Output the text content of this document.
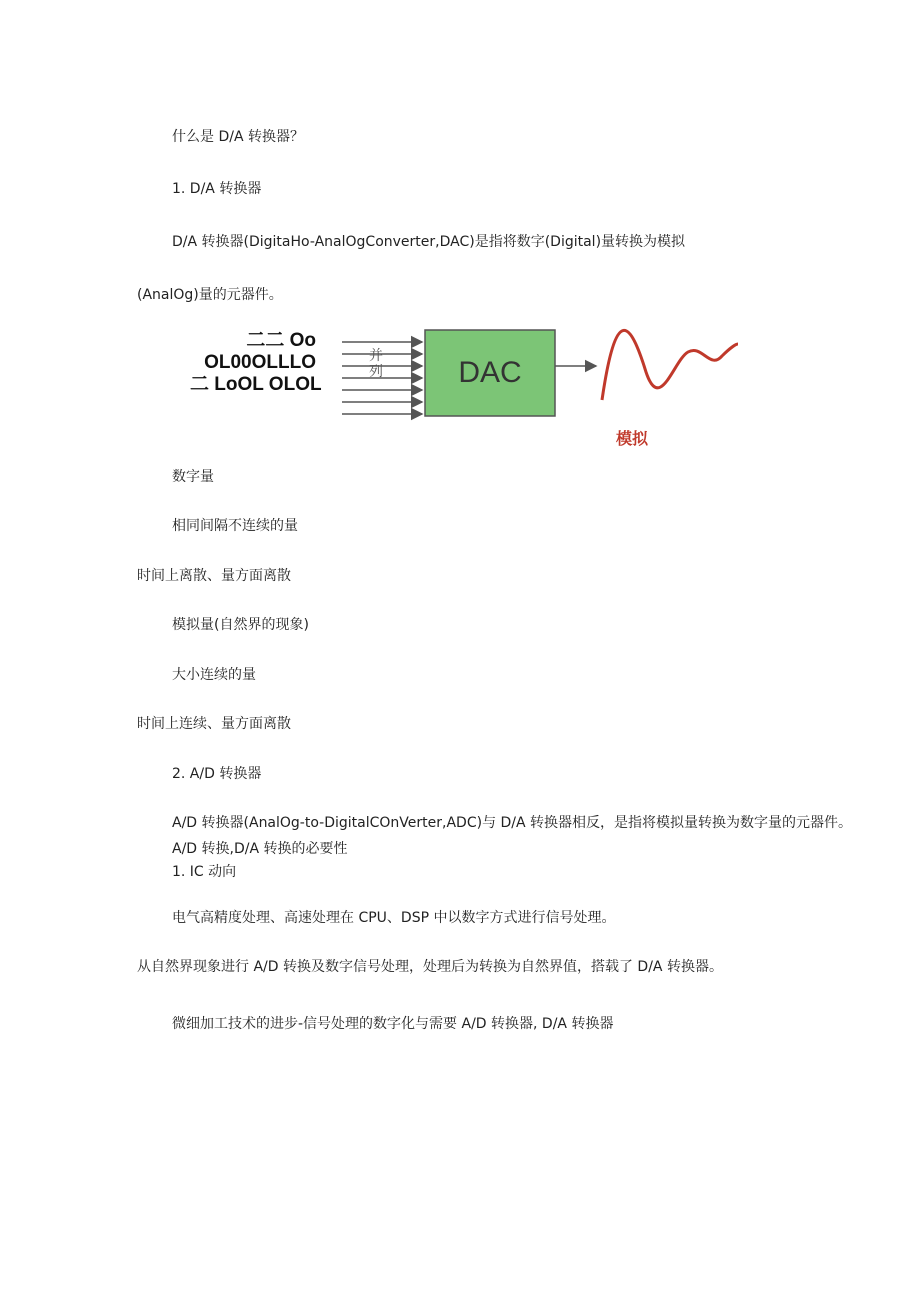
什么是 D/A 转换器？
1. D/A 转换器
D/A 转换器(DigitaHo-AnalOgConverter,DAC)是指将数字(Digital)量转换为模拟
(AnalOg)量的元器件。
二二 Oo
OL00OLLLO
二 LoOL OLOL
并列	DAC
模拟
数字量
相同间隔不连续的量
时间上离散、量方面离散
模拟量(自然界的现象)
大小连续的量
时间上连续、量方面离散
2. A/D 转换器
A/D 转换器(AnalOg-to-DigitalCOnVerter,ADC)与 D/A 转换器相反，是指将模拟量转换为数字量的元器件。
A/D 转换,D/A 转换的必要性
1. IC 动向
电气高精度处理、高速处理在 CPU、DSP 中以数字方式进行信号处理。
从自然界现象进行 A/D 转换及数字信号处理，处理后为转换为自然界值，搭载了 D/A 转换器。
微细加工技术的进步-信号处理的数字化与需要 A/D 转换器, D/A 转换器
